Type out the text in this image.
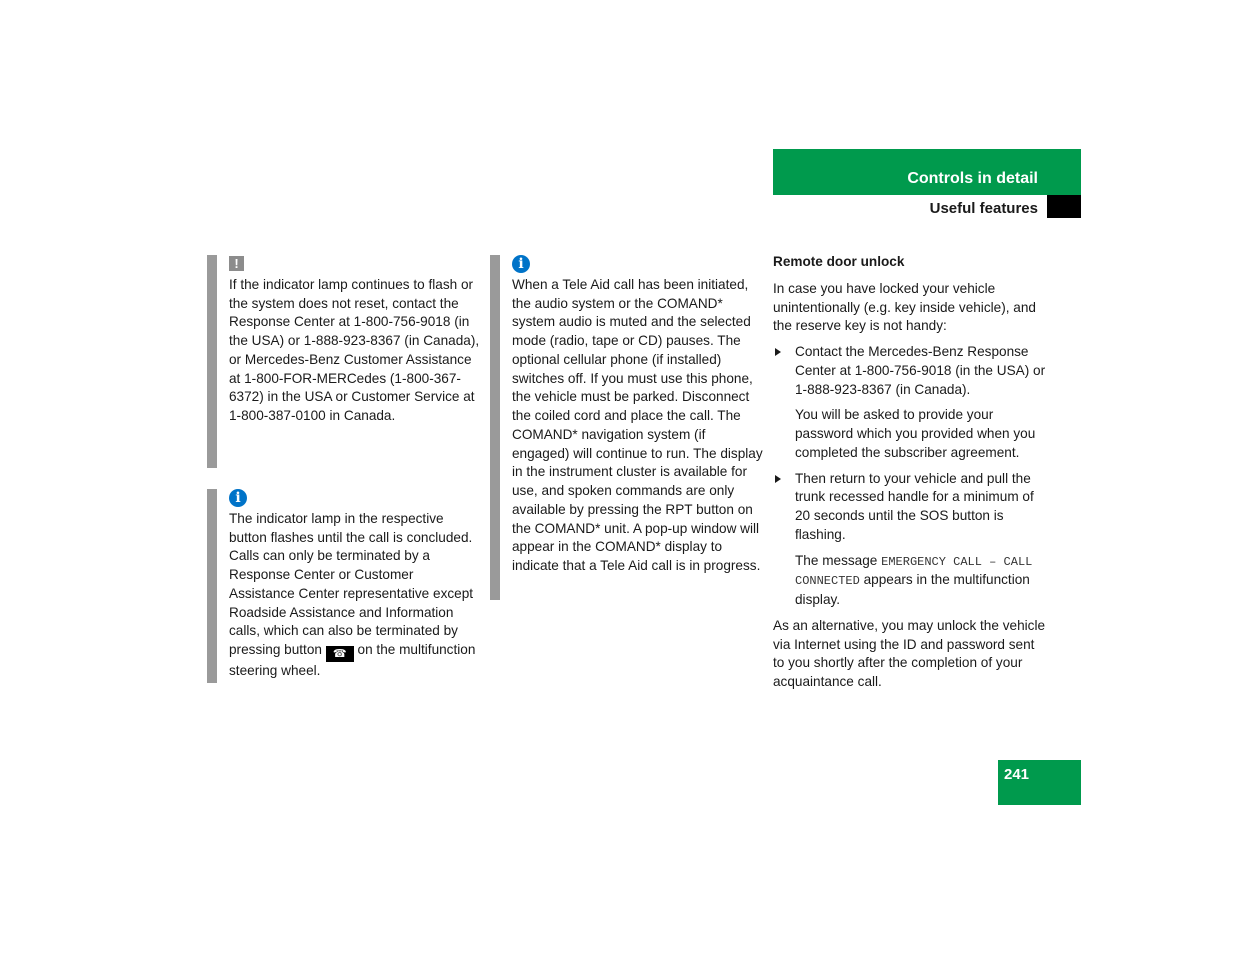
Controls in detail
Useful features
!

If the indicator lamp continues to flash or the system does not reset, contact the Response Center at 1-800-756-9018 (in the USA) or 1-888-923-8367 (in Canada), or Mercedes-Benz Customer Assistance at 1-800-FOR-MERCedes (1-800-367-6372) in the USA or Customer Service at 1-800-387-0100 in Canada.

i

The indicator lamp in the respective button flashes until the call is concluded. Calls can only be terminated by a Response Center or Customer Assistance Center representative except Roadside Assistance and Information calls, which can also be terminated by pressing button ☎ on the multifunction steering wheel.

i

When a Tele Aid call has been initiated, the audio system or the COMAND* system audio is muted and the selected mode (radio, tape or CD) pauses. The optional cellular phone (if installed) switches off. If you must use this phone, the vehicle must be parked. Disconnect the coiled cord and place the call. The COMAND* navigation system (if engaged) will continue to run. The display in the instrument cluster is available for use, and spoken commands are only available by pressing the RPT button on the COMAND* unit. A pop-up window will appear in the COMAND* display to indicate that a Tele Aid call is in progress.

Remote door unlock

In case you have locked your vehicle unintentionally (e.g. key inside vehicle), and the reserve key is not handy:

Contact the Mercedes-Benz Response Center at 1-800-756-9018 (in the USA) or 1-888-923-8367 (in Canada).

You will be asked to provide your password which you provided when you completed the subscriber agreement.

Then return to your vehicle and pull the trunk recessed handle for a minimum of 20 seconds until the SOS button is flashing.

The message EMERGENCY CALL – CALL CONNECTED appears in the multifunction display.

As an alternative, you may unlock the vehicle via Internet using the ID and password sent to you shortly after the completion of your acquaintance call.

241
